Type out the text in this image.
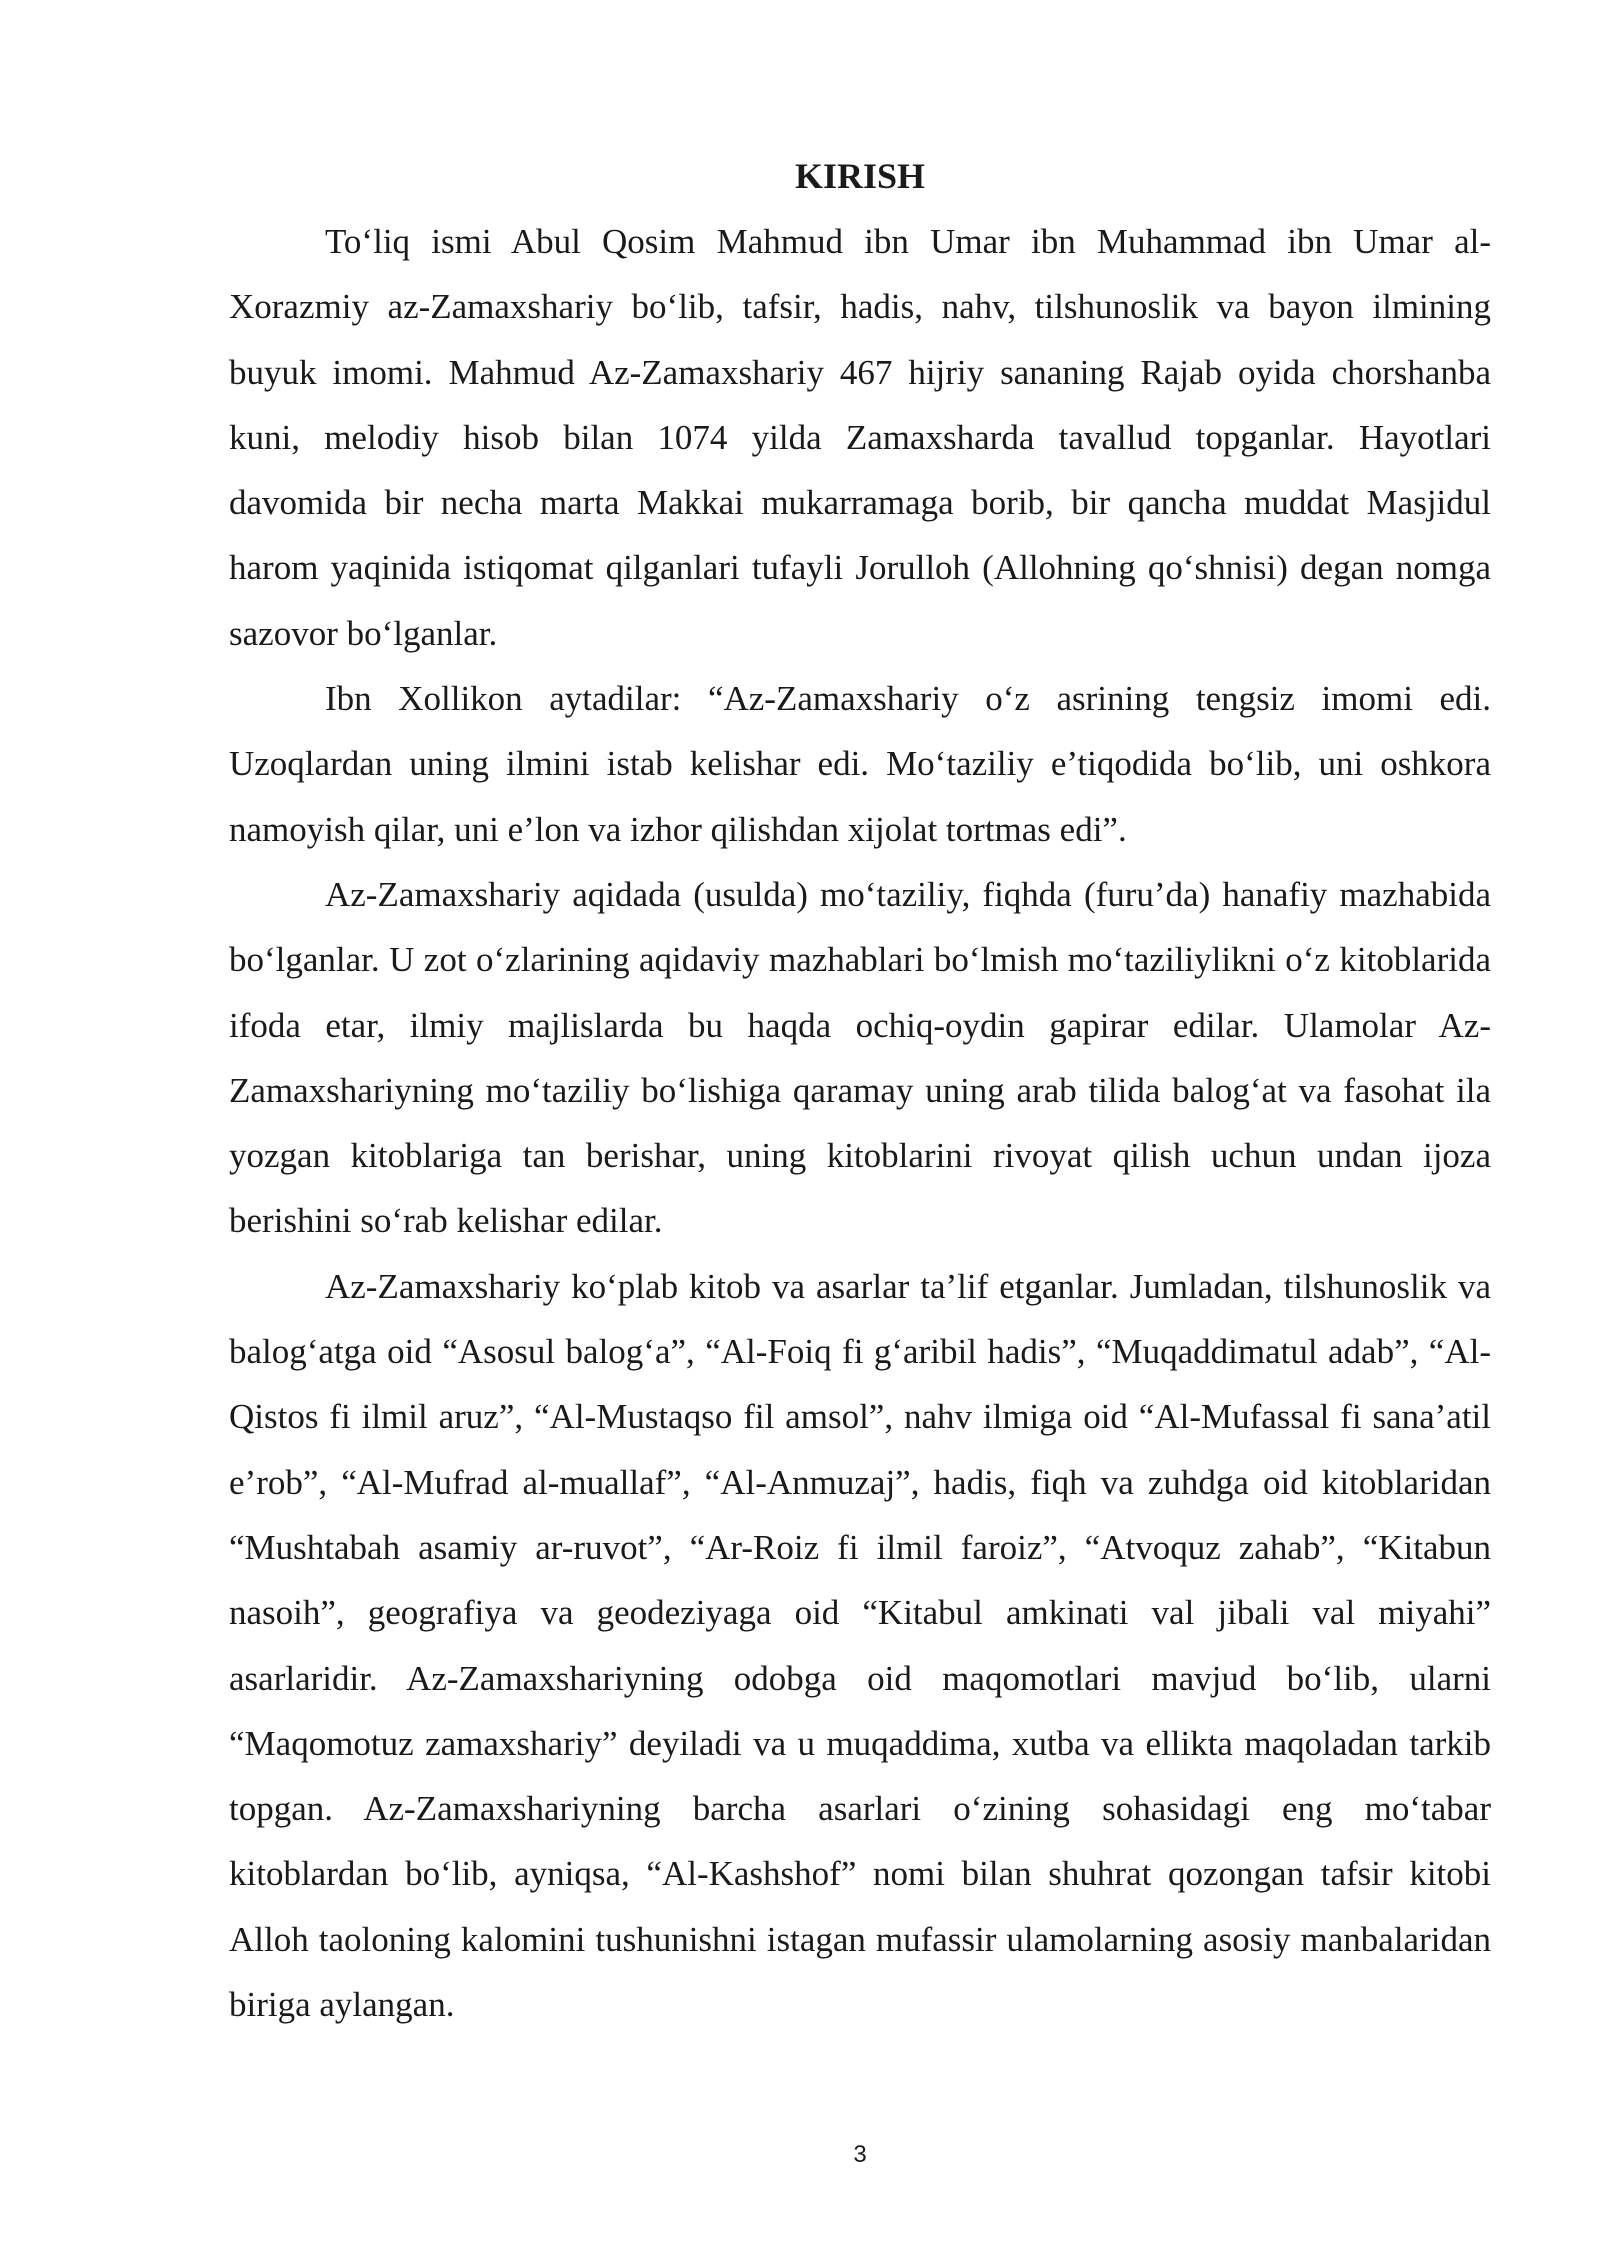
KIRISH

To‘liq ismi Abul Qosim Mahmud ibn Umar ibn Muhammad ibn Umar al-Xorazmiy az-Zamaxshariy bo‘lib, tafsir, hadis, nahv, tilshunoslik va bayon ilmining buyuk imomi. Mahmud Az-Zamaxshariy 467 hijriy sananing Rajab oyida chorshanba kuni, melodiy hisob bilan 1074 yilda Zamaxsharda tavallud topganlar. Hayotlari davomida bir necha marta Makkai mukarramaga borib, bir qancha muddat Masjidul harom yaqinida istiqomat qilganlari tufayli Jorulloh (Allohning qo‘shnisi) degan nomga sazovor bo‘lganlar.

Ibn Xollikon aytadilar: “Az-Zamaxshariy o‘z asrining tengsiz imomi edi. Uzoqlardan uning ilmini istab kelishar edi. Mo‘taziliy e’tiqodida bo‘lib, uni oshkora namoyish qilar, uni e’lon va izhor qilishdan xijolat tortmas edi”.

Az-Zamaxshariy aqidada (usulda) mo‘taziliy, fiqhda (furu’da) hanafiy mazhabida bo‘lganlar. U zot o‘zlarining aqidaviy mazhablari bo‘lmish mo‘taziliylikni o‘z kitoblarida ifoda etar, ilmiy majlislarda bu haqda ochiq-oydin gapirar edilar. Ulamolar Az-Zamaxshariyning mo‘taziliy bo‘lishiga qaramay uning arab tilida balog‘at va fasohat ila yozgan kitoblariga tan berishar, uning kitoblarini rivoyat qilish uchun undan ijoza berishini so‘rab kelishar edilar.

Az-Zamaxshariy ko‘plab kitob va asarlar ta’lif etganlar. Jumladan, tilshunoslik va balog‘atga oid “Asosul balog‘a”, “Al-Foiq fi g‘aribil hadis”, “Muqaddimatul adab”, “Al-Qistos fi ilmil aruz”, “Al-Mustaqso fil amsol”, nahv ilmiga oid “Al-Mufassal fi sana’atil e’rob”, “Al-Mufrad al-muallaf”, “Al-Anmuzaj”, hadis, fiqh va zuhdga oid kitoblaridan “Mushtabah asamiy ar-ruvot”, “Ar-Roiz fi ilmil faroiz”, “Atvoquz zahab”, “Kitabun nasoih”, geografiya va geodeziyaga oid “Kitabul amkinati val jibali val miyahi” asarlaridir. Az-Zamaxshariyning odobga oid maqomotlari mavjud bo‘lib, ularni “Maqomotuz zamaxshariy” deyiladi va u muqaddima, xutba va ellikta maqoladan tarkib topgan. Az-Zamaxshariyning barcha asarlari o‘zining sohasidagi eng mo‘tabar kitoblardan bo‘lib, ayniqsa, “Al-Kashshof” nomi bilan shuhrat qozongan tafsir kitobi Alloh taoloning kalomini tushunishni istagan mufassir ulamolarning asosiy manbalaridan biriga aylangan.

3
